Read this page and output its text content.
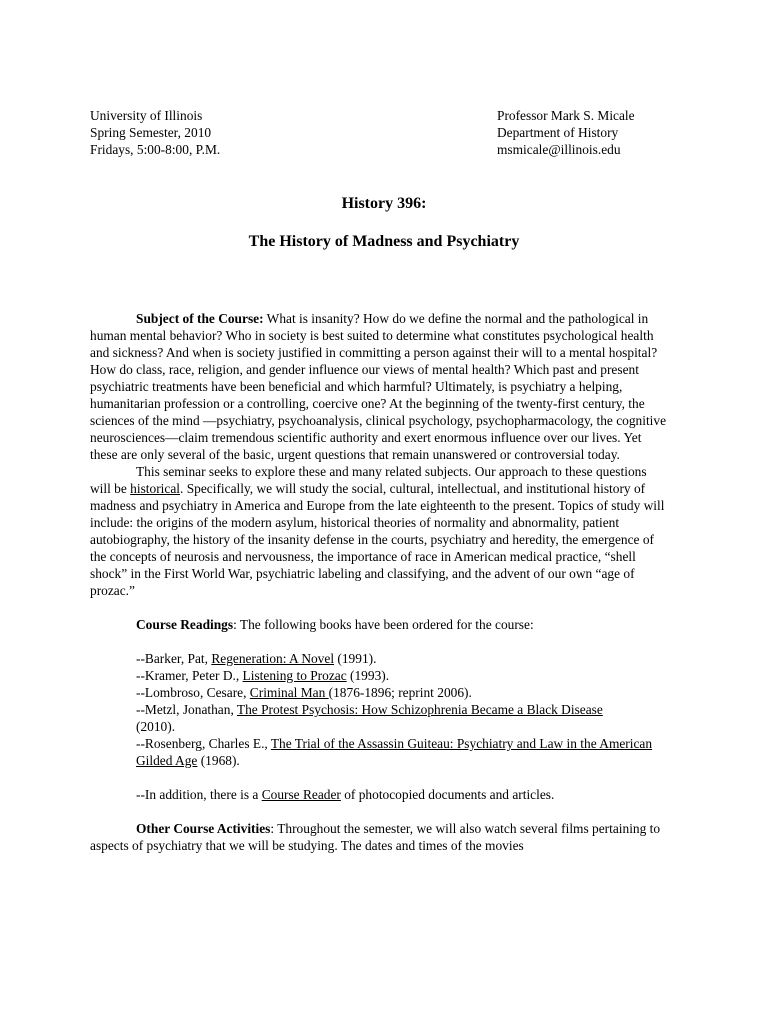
University of Illinois
Spring Semester, 2010
Fridays, 5:00-8:00, P.M.
Professor Mark S. Micale
Department of History
msmicale@illinois.edu
History 396:
The History of Madness and Psychiatry

Subject of the Course: What is insanity? How do we define the normal and the pathological in human mental behavior? Who in society is best suited to determine what constitutes psychological health and sickness? And when is society justified in committing a person against their will to a mental hospital? How do class, race, religion, and gender influence our views of mental health? Which past and present psychiatric treatments have been beneficial and which harmful? Ultimately, is psychiatry a helping, humanitarian profession or a controlling, coercive one? At the beginning of the twenty-first century, the sciences of the mind —psychiatry, psychoanalysis, clinical psychology, psychopharmacology, the cognitive neurosciences—claim tremendous scientific authority and exert enormous influence over our lives. Yet these are only several of the basic, urgent questions that remain unanswered or controversial today.

This seminar seeks to explore these and many related subjects. Our approach to these questions will be historical. Specifically, we will study the social, cultural, intellectual, and institutional history of madness and psychiatry in America and Europe from the late eighteenth to the present. Topics of study will include: the origins of the modern asylum, historical theories of normality and abnormality, patient autobiography, the history of the insanity defense in the courts, psychiatry and heredity, the emergence of the concepts of neurosis and nervousness, the importance of race in American medical practice, “shell shock” in the First World War, psychiatric labeling and classifying, and the advent of our own “age of prozac.”

Course Readings: The following books have been ordered for the course:

--Barker, Pat, Regeneration: A Novel (1991).

--Kramer, Peter D., Listening to Prozac (1993).

--Lombroso, Cesare, Criminal Man (1876-1896; reprint 2006).

--Metzl, Jonathan, The Protest Psychosis: How Schizophrenia Became a Black Disease
(2010).

--Rosenberg, Charles E., The Trial of the Assassin Guiteau: Psychiatry and Law in the American Gilded Age (1968).

--In addition, there is a Course Reader of photocopied documents and articles.

Other Course Activities: Throughout the semester, we will also watch several films pertaining to aspects of psychiatry that we will be studying. The dates and times of the movies
